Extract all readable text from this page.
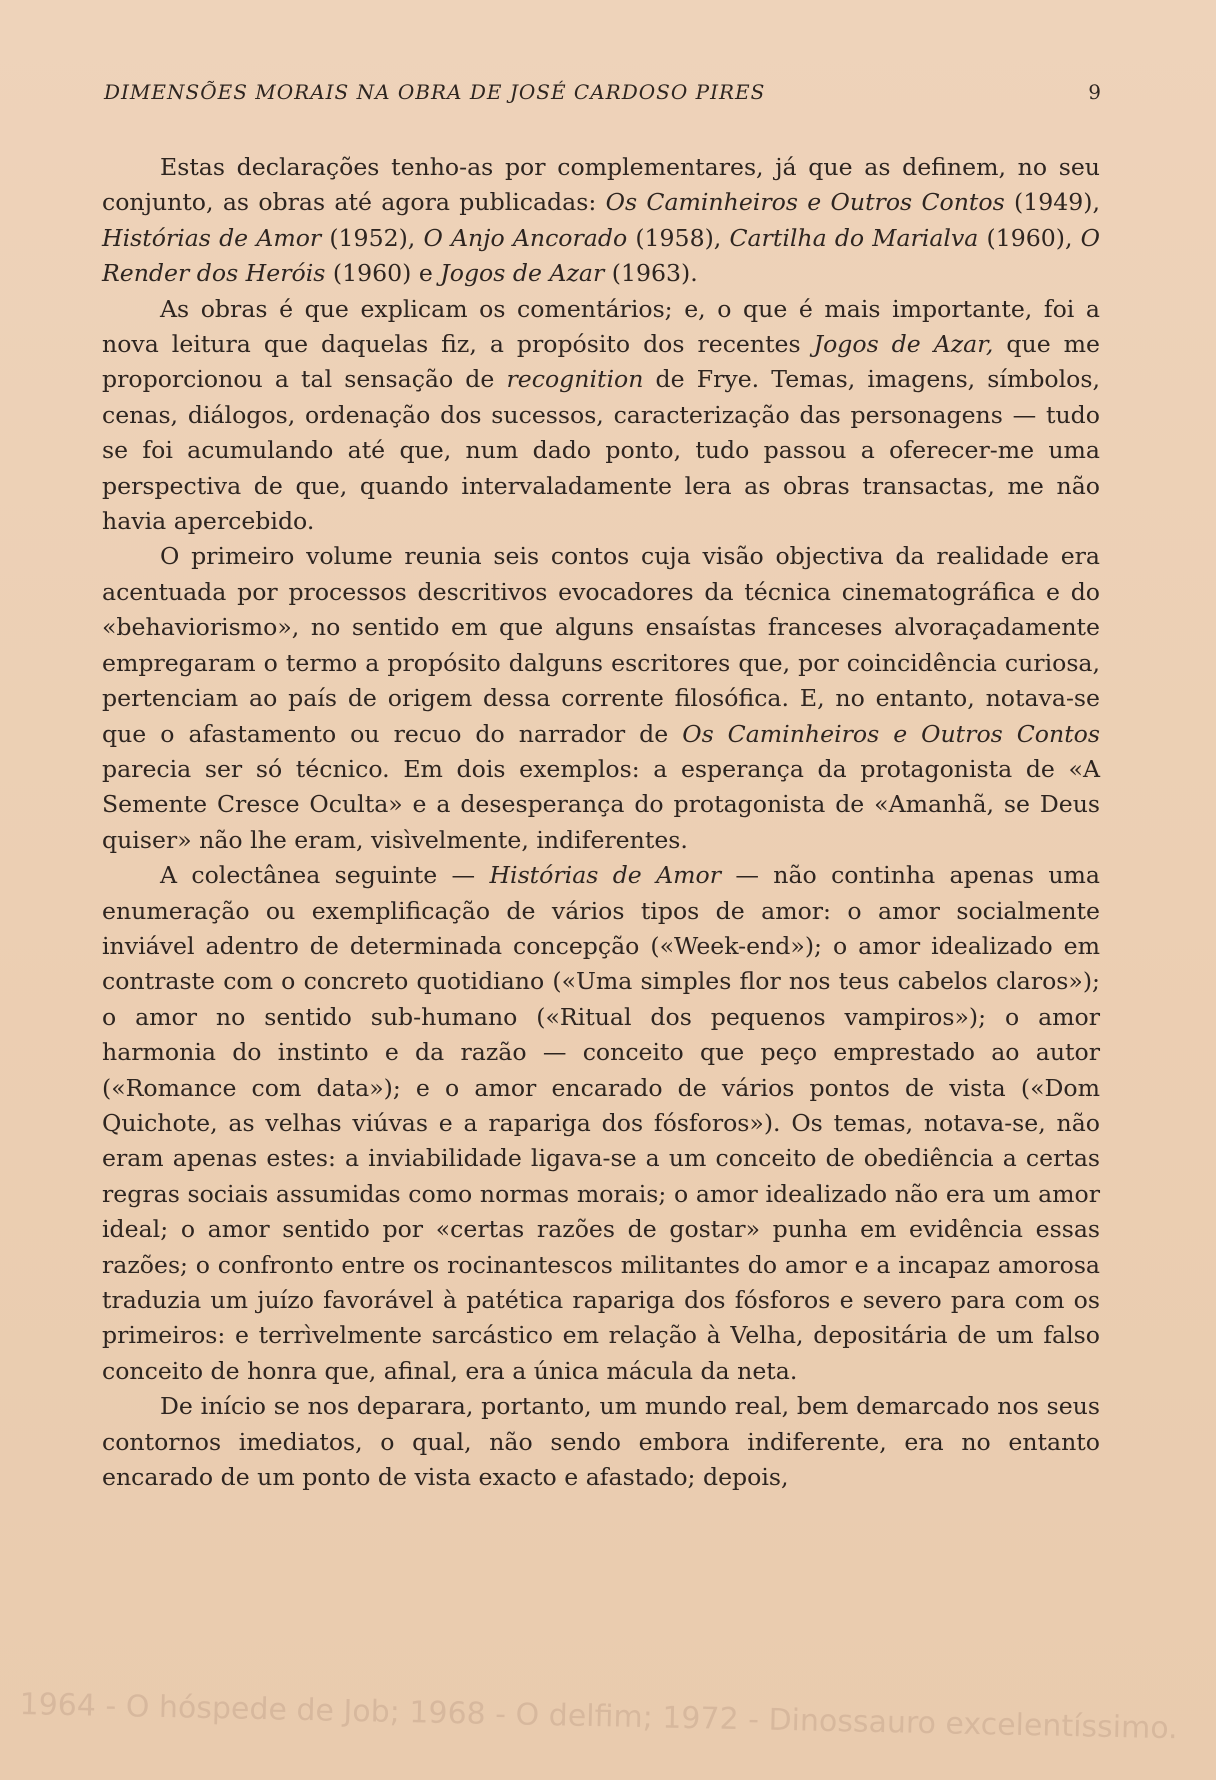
DIMENSÕES MORAIS NA OBRA DE JOSÉ CARDOSO PIRES	9

Estas declarações tenho-as por complementares, já que as definem, no seu conjunto, as obras até agora publicadas: Os Caminheiros e Outros Contos (1949), Histórias de Amor (1952), O Anjo Ancorado (1958), Cartilha do Marialva (1960), O Render dos Heróis (1960) e Jogos de Azar (1963).

As obras é que explicam os comentários; e, o que é mais importante, foi a nova leitura que daquelas fiz, a propósito dos recentes Jogos de Azar, que me proporcionou a tal sensação de recognition de Frye. Temas, imagens, símbolos, cenas, diálogos, ordenação dos sucessos, caracterização das personagens — tudo se foi acumulando até que, num dado ponto, tudo passou a oferecer-me uma perspectiva de que, quando intervaladamente lera as obras transactas, me não havia apercebido.

O primeiro volume reunia seis contos cuja visão objectiva da realidade era acentuada por processos descritivos evocadores da técnica cinematográfica e do «behaviorismo», no sentido em que alguns ensaístas franceses alvoraçadamente empregaram o termo a propósito dalguns escritores que, por coincidência curiosa, pertenciam ao país de origem dessa corrente filosófica. E, no entanto, notava-se que o afastamento ou recuo do narrador de Os Caminheiros e Outros Contos parecia ser só técnico. Em dois exemplos: a esperança da protagonista de «A Semente Cresce Oculta» e a desesperança do protagonista de «Amanhã, se Deus quiser» não lhe eram, visìvelmente, indiferentes.

A colectânea seguinte — Histórias de Amor — não continha apenas uma enumeração ou exemplificação de vários tipos de amor: o amor socialmente inviável adentro de determinada concepção («Week-end»); o amor idealizado em contraste com o concreto quotidiano («Uma simples flor nos teus cabelos claros»); o amor no sentido sub-humano («Ritual dos pequenos vampiros»); o amor harmonia do instinto e da razão — conceito que peço emprestado ao autor («Romance com data»); e o amor encarado de vários pontos de vista («Dom Quichote, as velhas viúvas e a rapariga dos fósforos»). Os temas, notava-se, não eram apenas estes: a inviabilidade ligava-se a um conceito de obediência a certas regras sociais assumidas como normas morais; o amor idealizado não era um amor ideal; o amor sentido por «certas razões de gostar» punha em evidência essas razões; o confronto entre os rocinantescos militantes do amor e a incapaz amorosa traduzia um juízo favorável à patética rapariga dos fósforos e severo para com os primeiros: e terrìvelmente sarcástico em relação à Velha, depositária de um falso conceito de honra que, afinal, era a única mácula da neta.

De início se nos deparara, portanto, um mundo real, bem demarcado nos seus contornos imediatos, o qual, não sendo embora indiferente, era no entanto encarado de um ponto de vista exacto e afastado; depois,

1964 - O hóspede de Job; 1968 - O delfim; 1972 - Dinossauro excelentíssimo.
